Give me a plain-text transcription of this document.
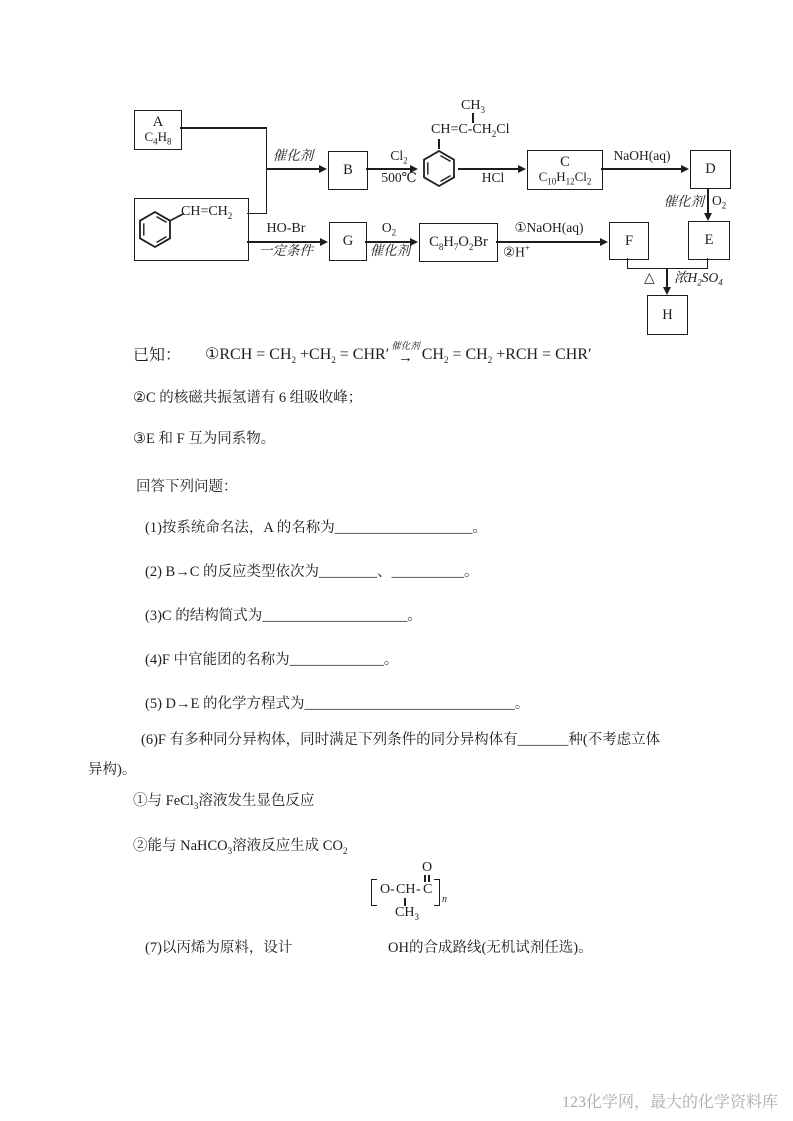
A
$C_4H_8$
$CH=CH_2$
催化剂
B
$Cl_2$
500℃
$CH_3$
$CH=C-CH_2Cl$
HCl
C
$C_{10}H_{12}Cl_2$
NaOH(aq)
D
催化剂 $O_2$
E
HO-Br
一定条件
G
$O_2$
催化剂
$C_8H_7O_2Br$
①NaOH(aq)
②H+	F
△ 浓$H_2SO_4$
H
已知： ①RCH = $CH_2 +CH_2 = CHR'$ 催化剂
→ $CH_2 = CH_2 +RCH = CHR'$
②C 的核磁共振氢谱有 6 组吸收峰；
③E 和 F 互为同系物。
回答下列问题：
(1)按系统命名法，A 的名称为___________________。
(2) B→C 的反应类型依次为________、__________。
(3)C 的结构简式为____________________。
(4)F 中官能团的名称为_____________。
(5) D→E 的化学方程式为_____________________________。
(6)F 有多种同分异构体，同时满足下列条件的同分异构体有_______种(不考虑立体
异构)。
①与 FeCl$_3$溶液发生显色反应
②能与 NaHCO$_3$溶液反应生成 $CO_2$
O - CH - C
O
$CH_3$
n
(7)以丙烯为原料，设计	OH的合成路线(无机试剂任选)。
123化学网，最大的化学资料库
